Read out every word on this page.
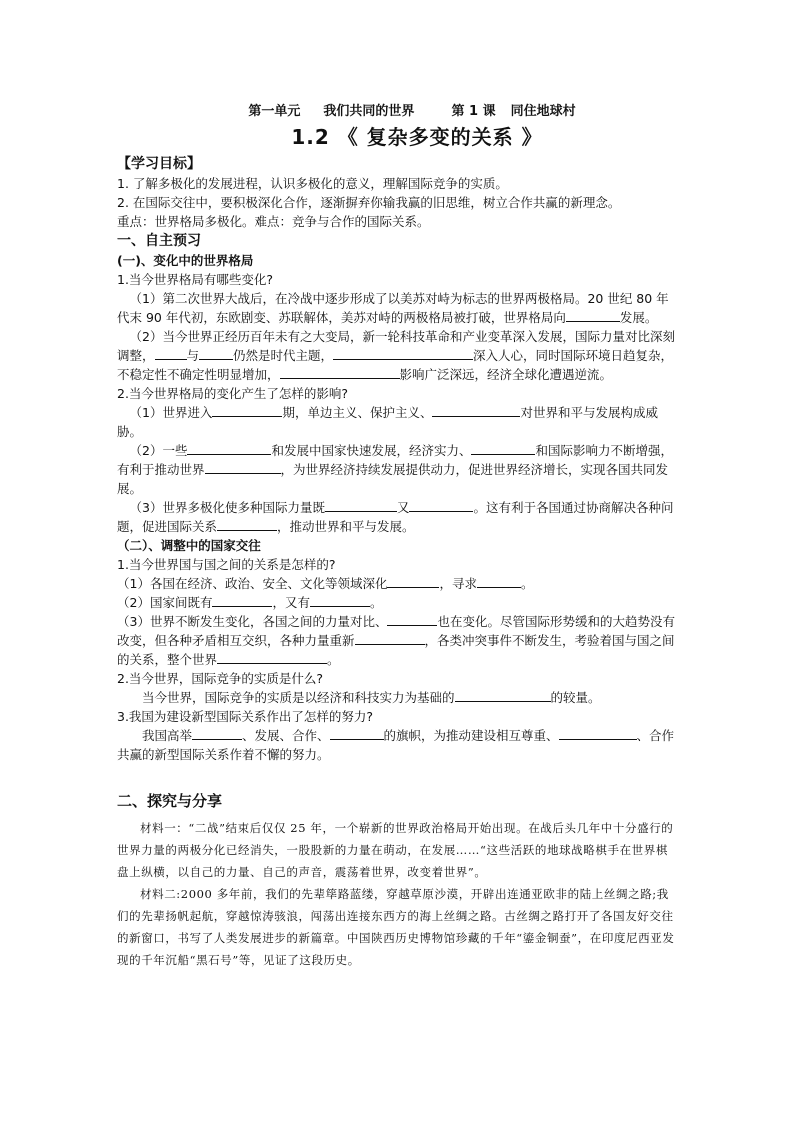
第一单元 我们共同的世界	第 1 课 同住地球村
1.2 《 复杂多变的关系 》

【学习目标】

1. 了解多极化的发展进程，认识多极化的意义，理解国际竞争的实质。

2. 在国际交往中，要积极深化合作，逐渐摒弃你输我赢的旧思维，树立合作共赢的新理念。

重点：世界格局多极化。难点：竞争与合作的国际关系。

一、自主预习

(一)、变化中的世界格局

1.当今世界格局有哪些变化?

（1）第二次世界大战后，在冷战中逐步形成了以美苏对峙为标志的世界两极格局。20 世纪 80 年代末 90 年代初，东欧剧变、苏联解体，美苏对峙的两极格局被打破，世界格局向	发展。

（2）当今世界正经历百年未有之大变局，新一轮科技革命和产业变革深入发展，国际力量对比深刻调整，	与	仍然是时代主题，	深入人心，同时国际环境日趋复杂，不稳定性不确定性明显增加，	影响广泛深远，经济全球化遭遇逆流。

2.当今世界格局的变化产生了怎样的影响?

（1）世界进入	期，单边主义、保护主义、	对世界和平与发展构成威胁。

（2）一些	和发展中国家快速发展，经济实力、	和国际影响力不断增强，有利于推动世界	，为世界经济持续发展提供动力，促进世界经济增长，实现各国共同发展。

（3）世界多极化使多种国际力量既	又	。这有利于各国通过协商解决各种问题，促进国际关系	，推动世界和平与发展。

（二）、调整中的国家交往

1.当今世界国与国之间的关系是怎样的?

（1）各国在经济、政治、安全、文化等领域深化	，寻求	。

（2）国家间既有	，又有	。

（3）世界不断发生变化，各国之间的力量对比、	也在变化。尽管国际形势缓和的大趋势没有改变，但各种矛盾相互交织，各种力量重新	，各类冲突事件不断发生，考验着国与国之间的关系，整个世界	。

2.当今世界，国际竞争的实质是什么?

当今世界，国际竞争的实质是以经济和科技实力为基础的	的较量。

3.我国为建设新型国际关系作出了怎样的努力?

我国高举	、发展、合作、	的旗帜，为推动建设相互尊重、	、合作共赢的新型国际关系作着不懈的努力。

二、探究与分享

材料一：“二战”结束后仅仅 25 年，一个崭新的世界政治格局开始出现。在战后头几年中十分盛行的世界力量的两极分化已经消失，一股股新的力量在萌动，在发展……“这些活跃的地球战略棋手在世界棋盘上纵横，以自己的力量、自己的声音，震荡着世界，改变着世界”。

材料二:2000 多年前，我们的先辈筚路蓝缕，穿越草原沙漠，开辟出连通亚欧非的陆上丝绸之路;我们的先辈扬帆起航，穿越惊涛骇浪，闯荡出连接东西方的海上丝绸之路。古丝绸之路打开了各国友好交往的新窗口，书写了人类发展进步的新篇章。中国陕西历史博物馆珍藏的千年“鎏金铜蚕”，在印度尼西亚发现的千年沉船“黑石号”等，见证了这段历史。
